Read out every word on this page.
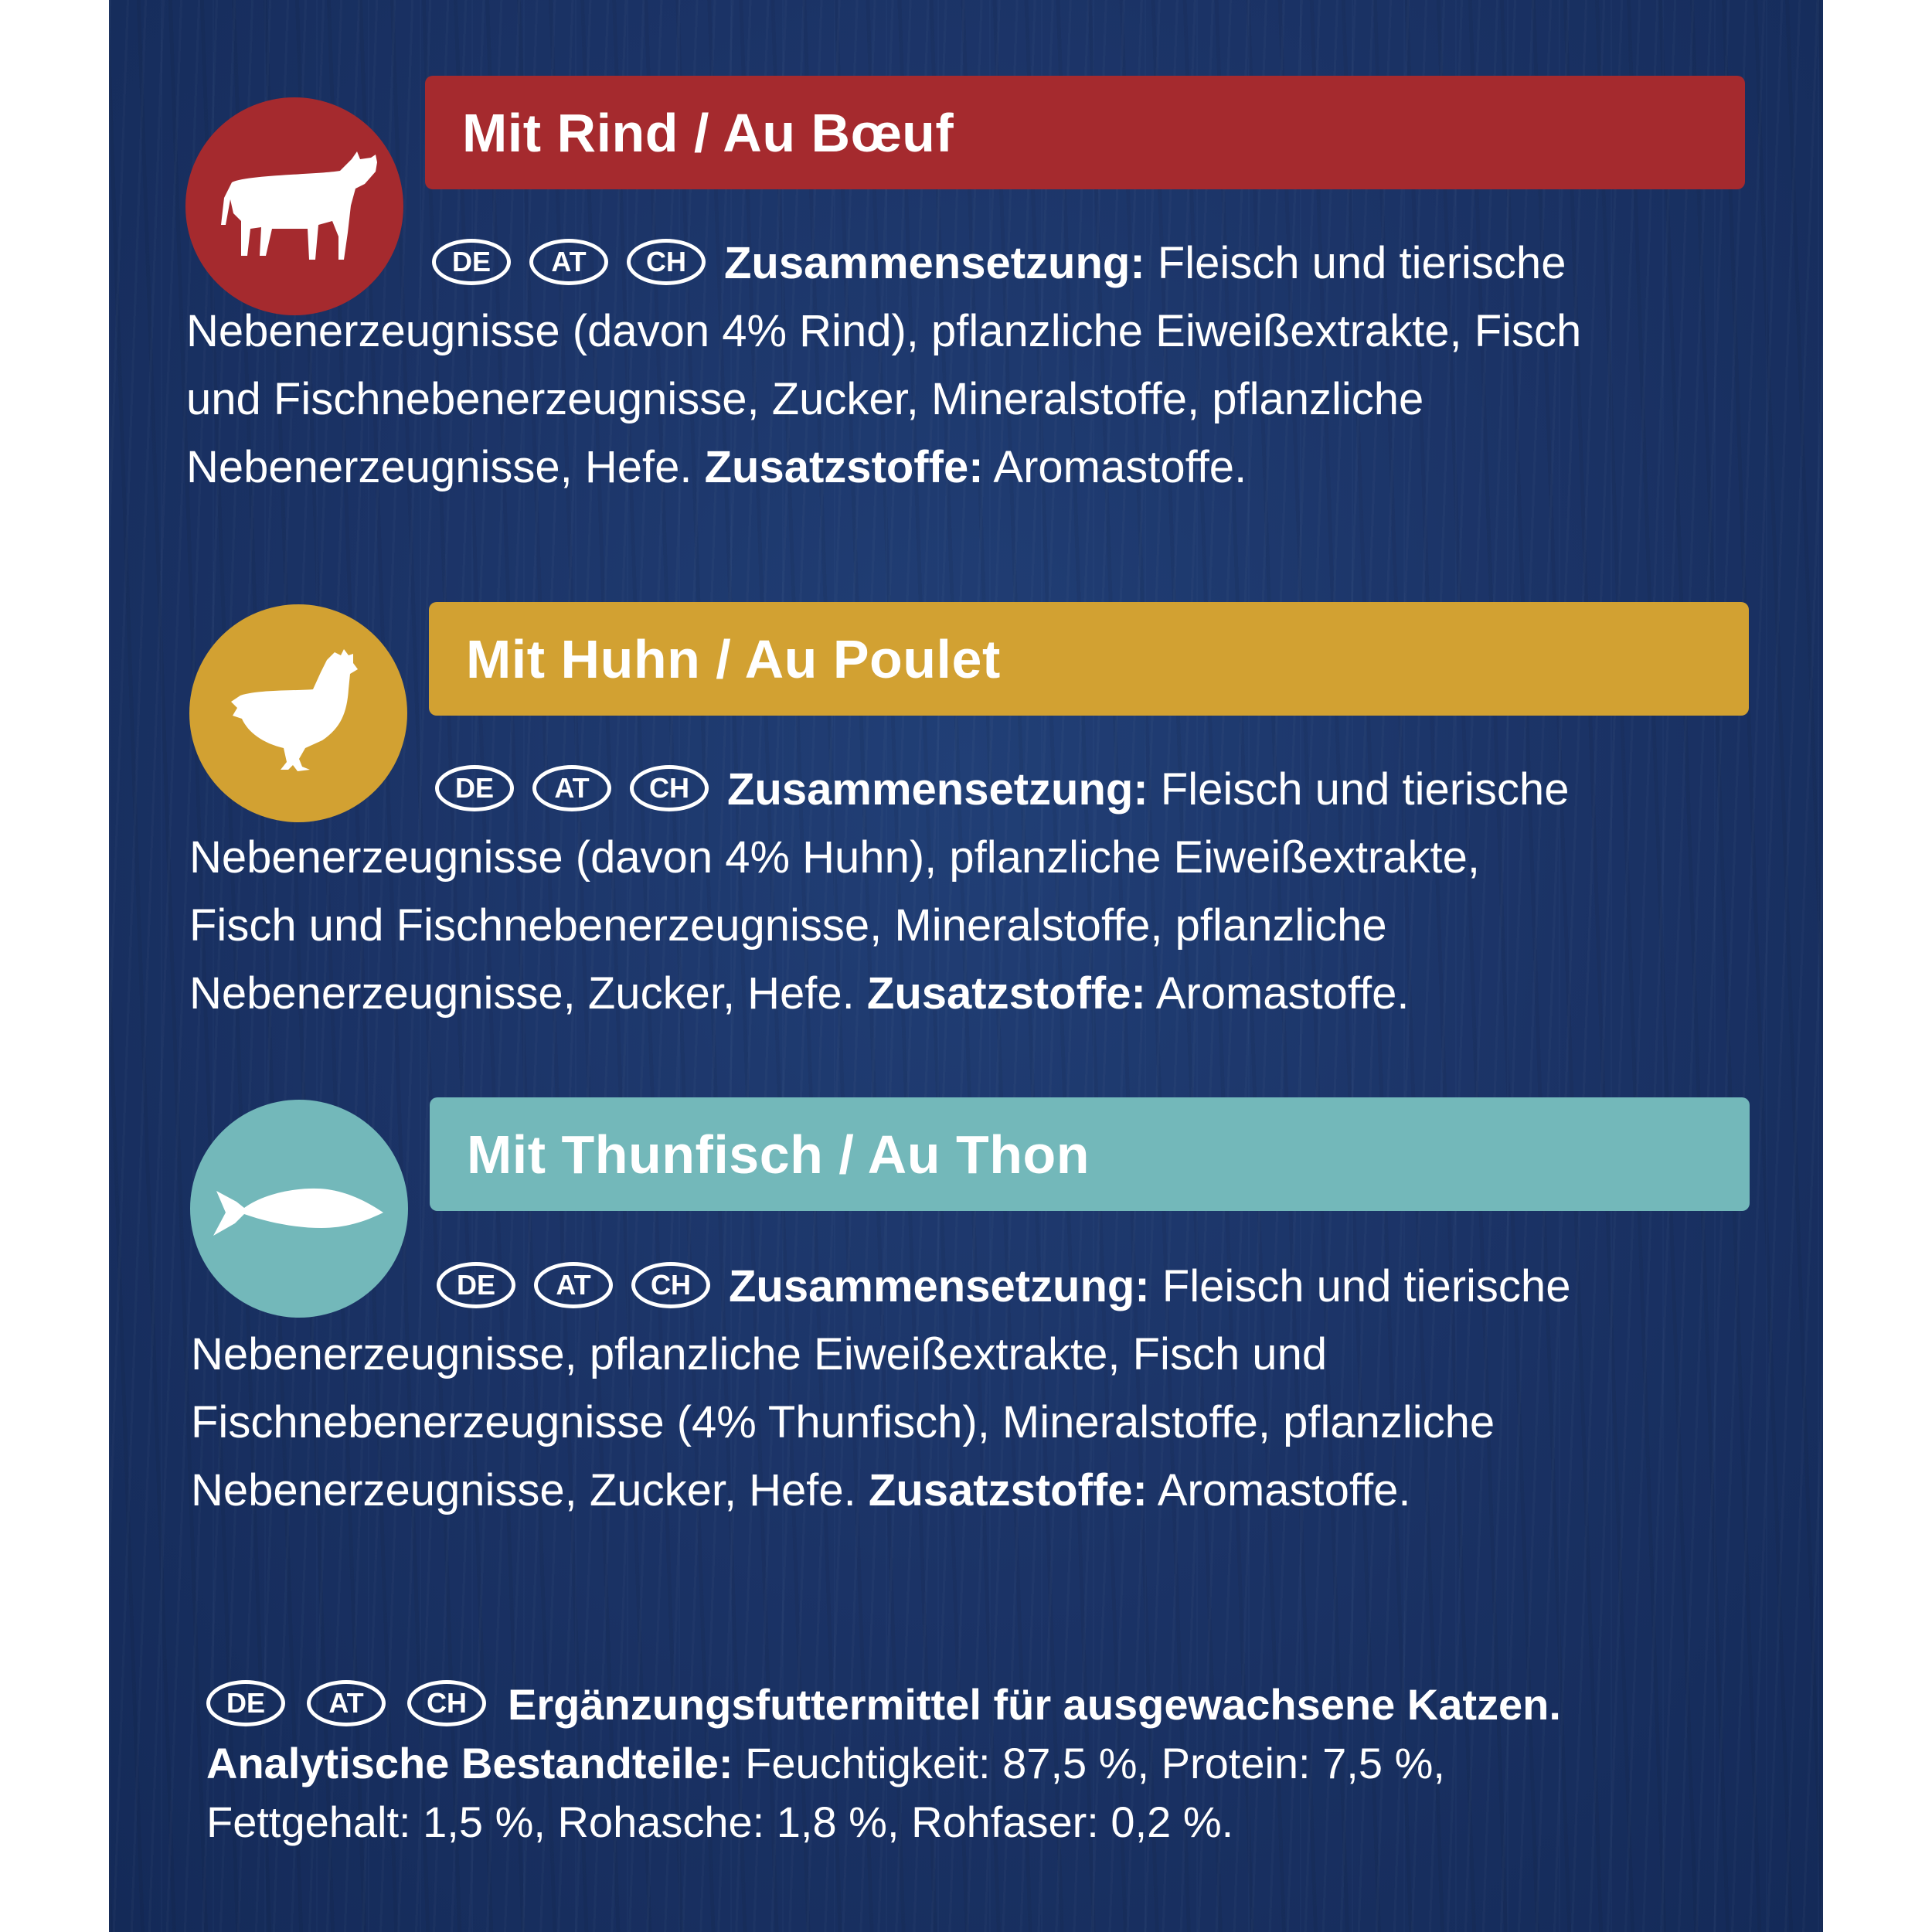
Mit Rind / Au Bœuf
DE AT CH Zusammensetzung: Fleisch und tierische
Nebenerzeugnisse (davon 4% Rind), pflanzliche Eiweißextrakte, Fisch
und Fischnebenerzeugnisse, Zucker, Mineralstoffe, pflanzliche
Nebenerzeugnisse, Hefe. Zusatzstoffe: Aromastoffe.
Mit Huhn / Au Poulet
DE AT CH Zusammensetzung: Fleisch und tierische
Nebenerzeugnisse (davon 4% Huhn), pflanzliche Eiweißextrakte,
Fisch und Fischnebenerzeugnisse, Mineralstoffe, pflanzliche
Nebenerzeugnisse, Zucker, Hefe. Zusatzstoffe: Aromastoffe.
Mit Thunfisch / Au Thon
DE AT CH Zusammensetzung: Fleisch und tierische
Nebenerzeugnisse, pflanzliche Eiweißextrakte, Fisch und
Fischnebenerzeugnisse (4% Thunfisch), Mineralstoffe, pflanzliche
Nebenerzeugnisse, Zucker, Hefe. Zusatzstoffe: Aromastoffe.
DE AT CH Ergänzungsfuttermittel für ausgewachsene Katzen.
Analytische Bestandteile: Feuchtigkeit: 87,5 %, Protein: 7,5 %,
Fettgehalt: 1,5 %, Rohasche: 1,8 %, Rohfaser: 0,2 %.
